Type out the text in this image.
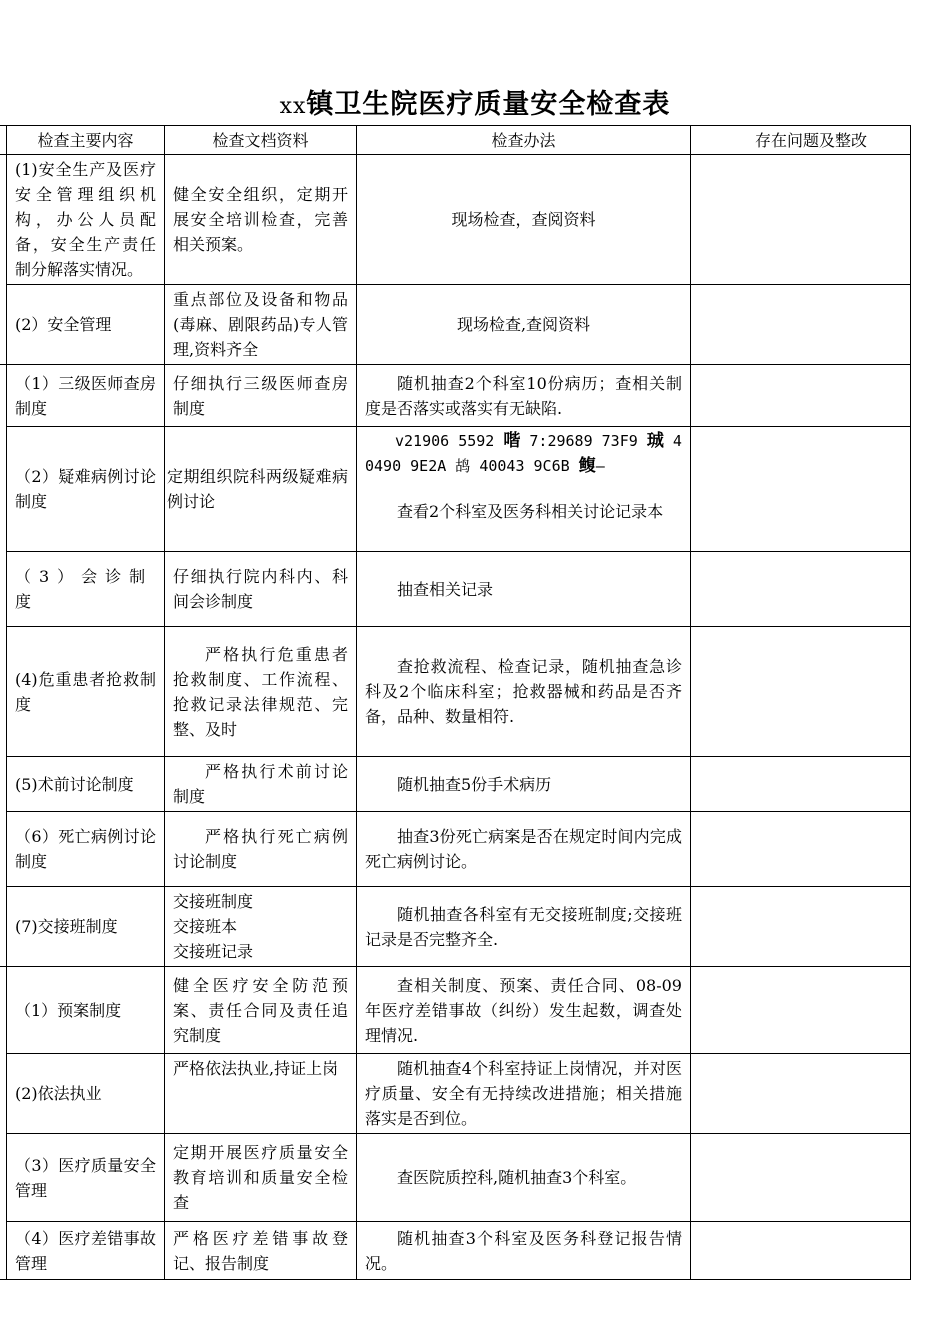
xx镇卫生院医疗质量安全检查表
	检查主要内容	检查文档资料	检查办法	存在问题及整改
	(1)安全生产及医疗安全管理组织机构，办公人员配备，安全生产责任制分解落实情况。	健全安全组织，定期开展安全培训检查，完善相关预案。	现场检查，查阅资料	
	(2）安全管理	重点部位及设备和物品(毒麻、剧限药品)专人管理,资料齐全	现场检查,查阅资料	
	（1）三级医师查房制度	仔细执行三级医师查房制度	随机抽查2个科室10份病历；查相关制度是否落实或落实有无缺陷.	
	（2）疑难病例讨论制度	定期组织院科两级疑难病例讨论	v21906 5592 喈 7:29689 73F9 珹 40490 9E2A 鸪 40043 9C6B 鳆—
查看2个科室及医务科相关讨论记录本	

	（3）会诊制度	仔细执行院内科内、科间会诊制度	抽查相关记录	
	(4)危重患者抢救制度	严格执行危重患者抢救制度、工作流程、抢救记录法律规范、完整、及时	查抢救流程、检查记录，随机抽查急诊科及2个临床科室；抢救器械和药品是否齐备，品种、数量相符.	
	(5)术前讨论制度	严格执行术前讨论制度	随机抽查5份手术病历	
	（6）死亡病例讨论制度	严格执行死亡病例讨论制度	抽查3份死亡病案是否在规定时间内完成死亡病例讨论。	
	(7)交接班制度	交接班制度
交接班本
交接班记录	随机抽查各科室有无交接班制度;交接班记录是否完整齐全.	
	（1）预案制度	健全医疗安全防范预案、责任合同及责任追究制度	查相关制度、预案、责任合同、08-09年医疗差错事故（纠纷）发生起数，调查处理情况.	
	(2)依法执业	严格依法执业,持证上岗	随机抽查4个科室持证上岗情况，并对医疗质量、安全有无持续改进措施；相关措施落实是否到位。	
	（3）医疗质量安全管理	定期开展医疗质量安全教育培训和质量安全检查	查医院质控科,随机抽查3个科室。	
	（4）医疗差错事故管理	严格医疗差错事故登记、报告制度	随机抽查3个科室及医务科登记报告情况。	
